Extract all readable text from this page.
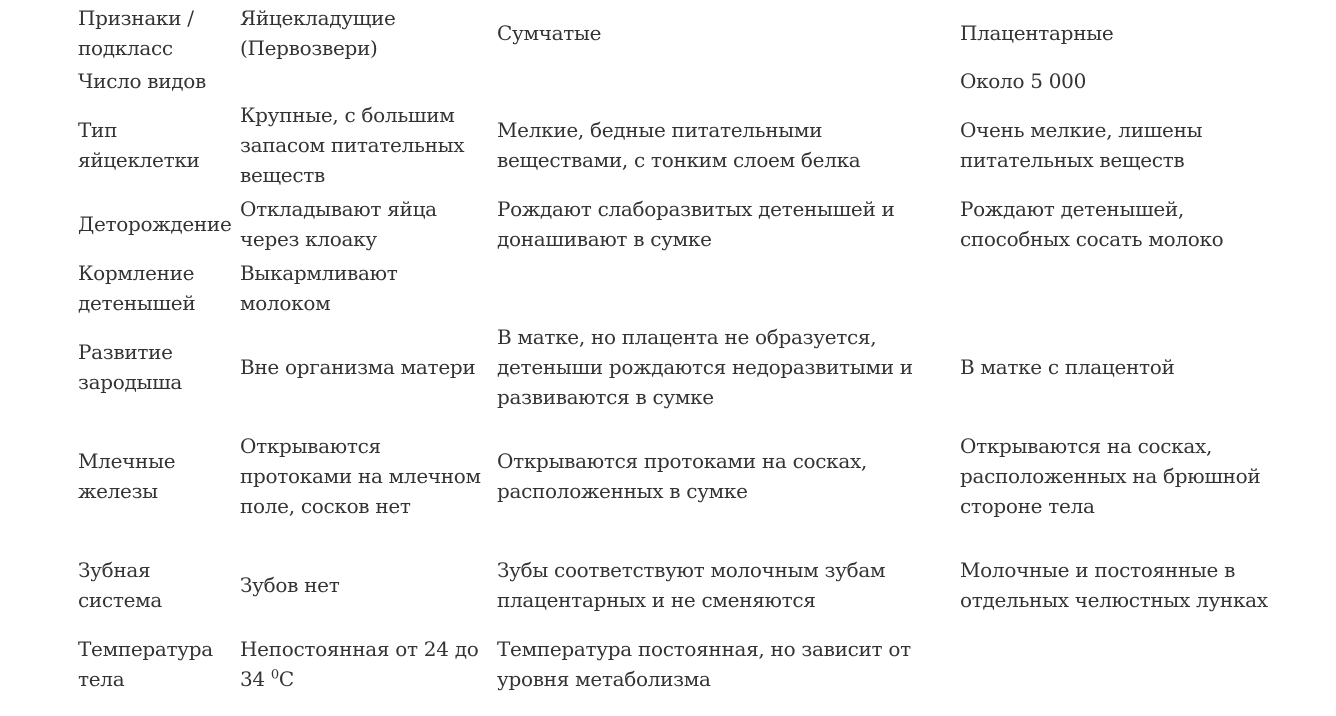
Признаки / подкласс	Яйцекладущие (Первозвери)	Сумчатые	Плацентарные
Число видов			Около 5 000
Тип яйцеклетки	Крупные, с большим запасом питательных веществ	Мелкие, бедные питательными веществами, с тонким слоем белка	Очень мелкие, лишены питательных веществ
Деторождение	Откладывают яйца через клоаку	Рождают слаборазвитых детенышей и донашивают в сумке	Рождают детенышей, способных сосать молоко
Кормление детенышей	Выкармливают молоком		
Развитие зародыша	Вне организма матери	В матке, но плацента не образуется, детеныши рождаются недоразвитыми и развиваются в сумке	В матке с плацентой
Млечные железы	Открываются протоками на млечном поле, сосков нет	Открываются протоками на сосках, расположенных в сумке	Открываются на сосках, расположенных на брюшной стороне тела
Зубная система	Зубов нет	Зубы соответствуют молочным зубам плацентарных и не сменяются	Молочные и постоянные в отдельных челюстных лунках
Температура тела	Непостоянная от 24 до 34 $^0$С	Температура постоянная, но зависит от уровня метаболизма	
